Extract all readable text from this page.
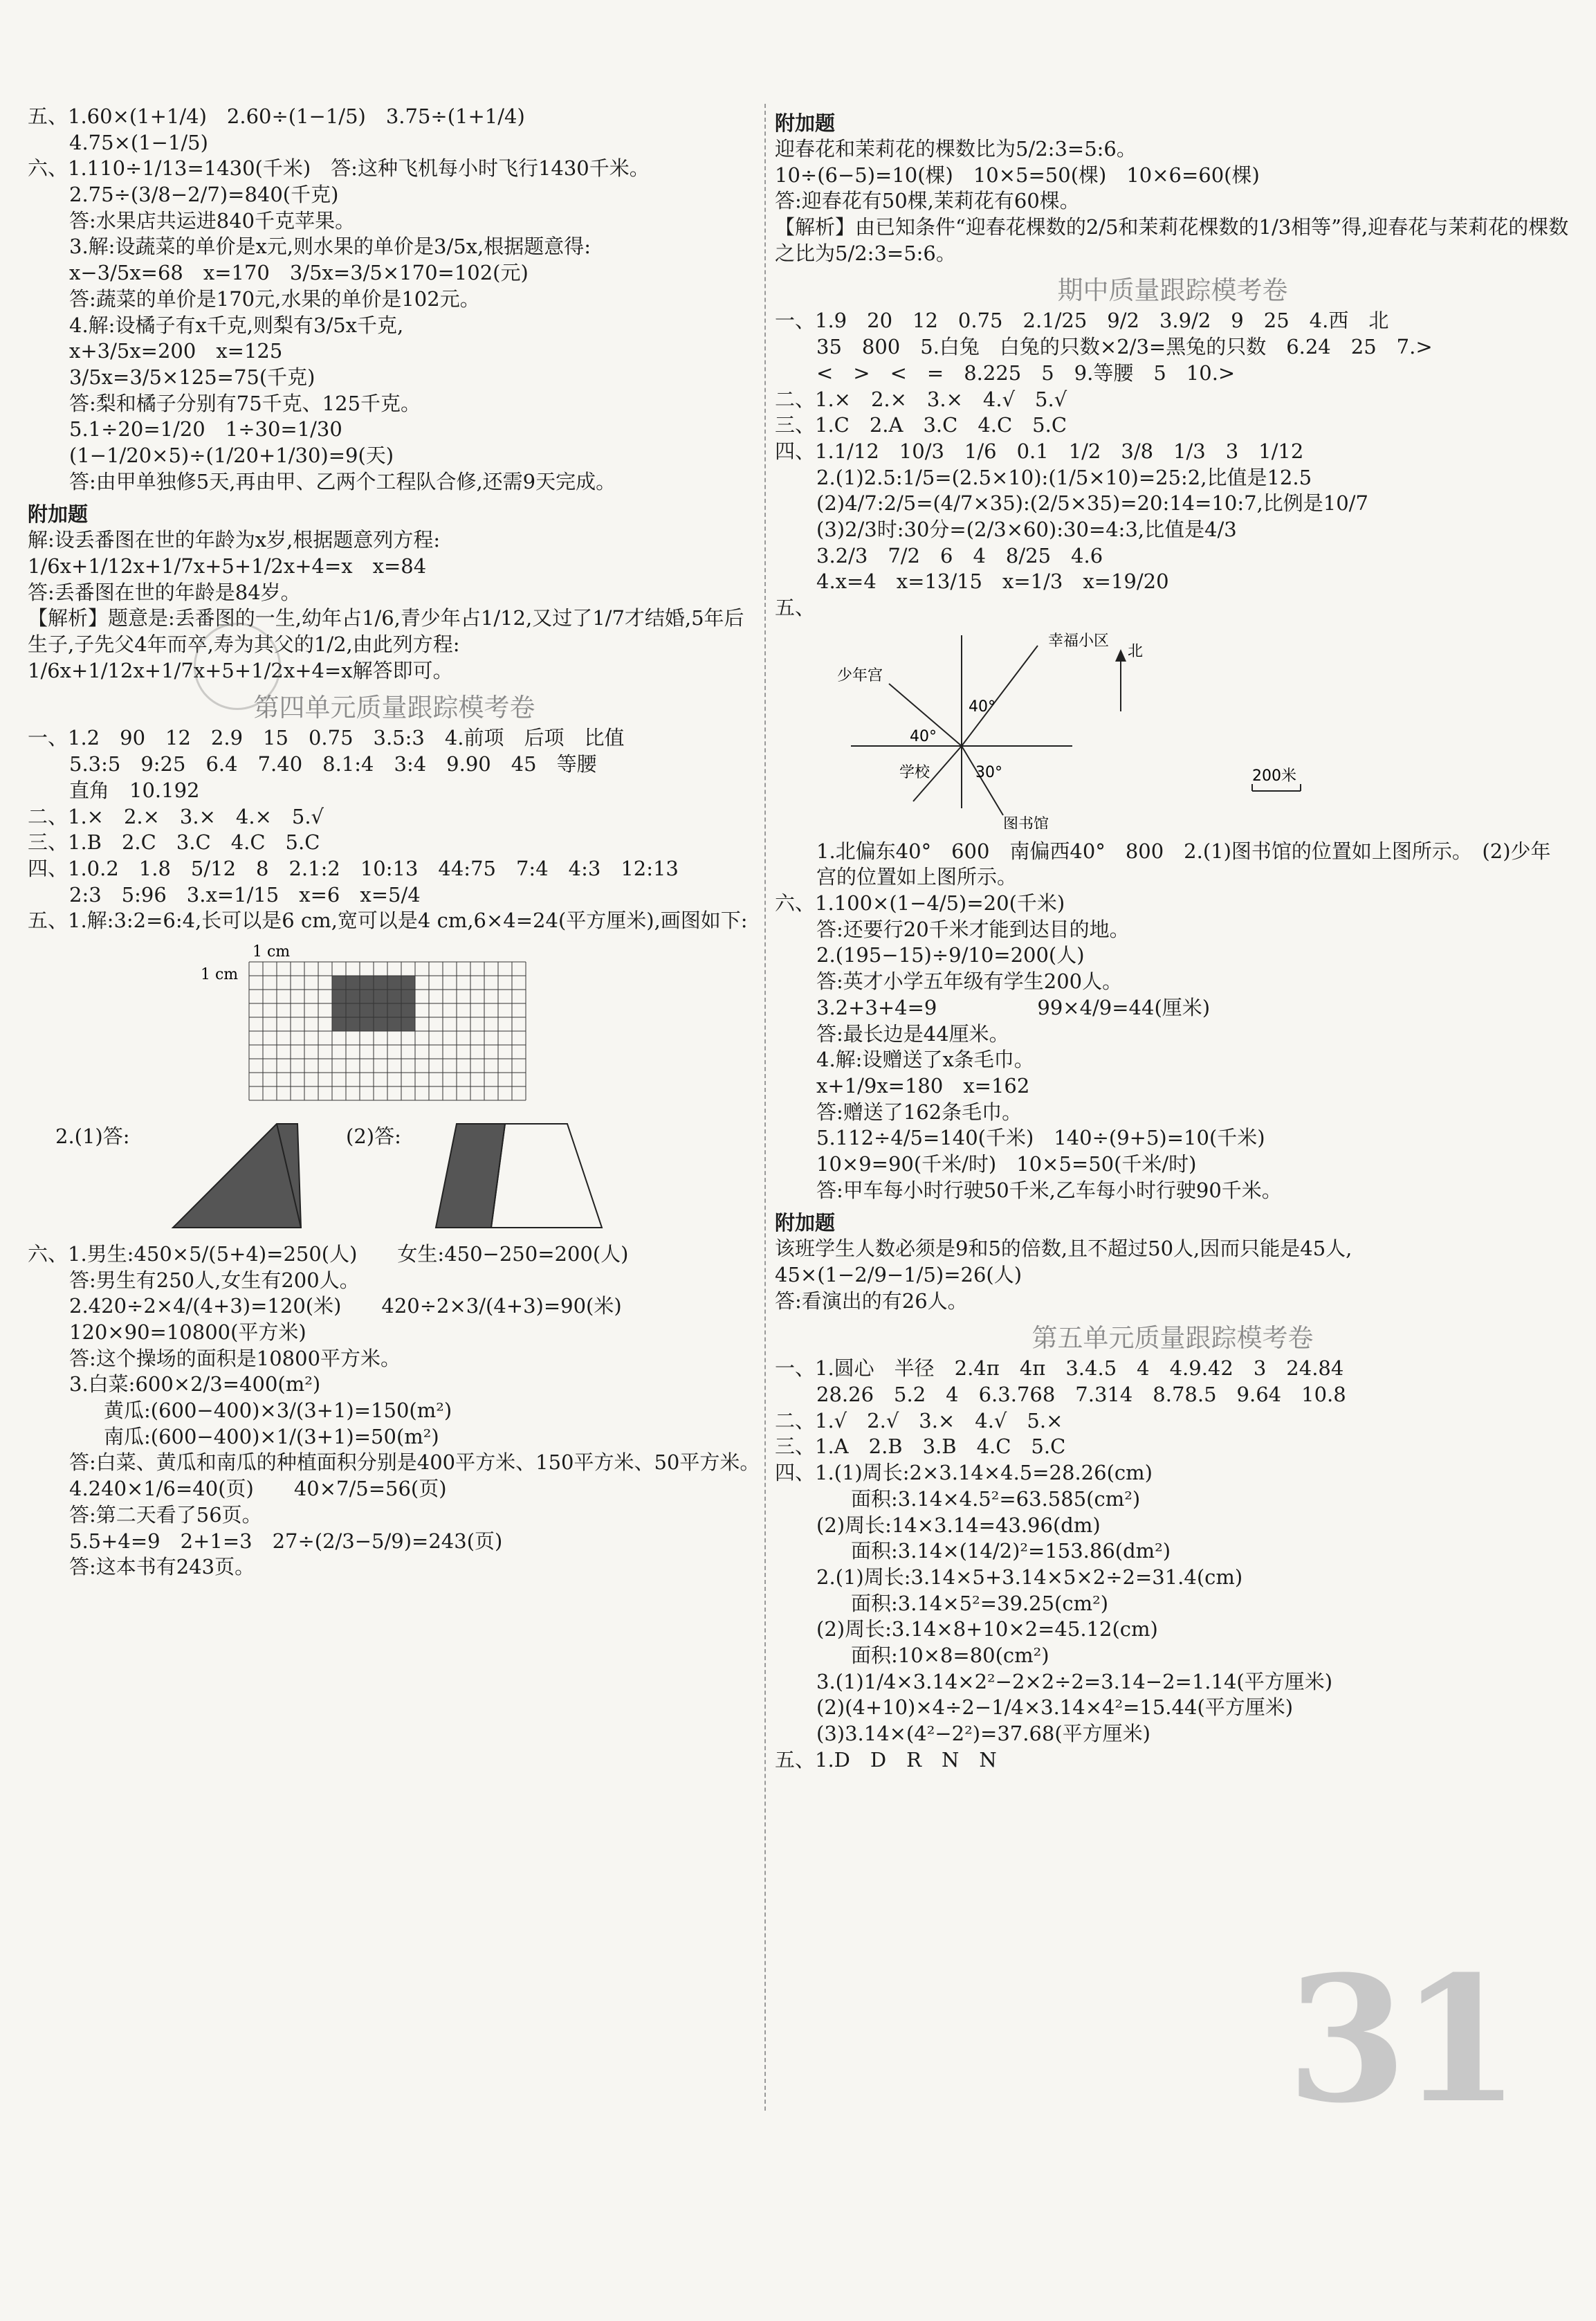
五、1.60×(1+1/4)　2.60÷(1−1/5)　3.75÷(1+1/4)
4.75×(1−1/5)
六、1.110÷1/13=1430(千米)　答:这种飞机每小时飞行1430千米。
2.75÷(3/8−2/7)=840(千克)
答:水果店共运进840千克苹果。
3.解:设蔬菜的单价是x元,则水果的单价是3/5x,根据题意得:
x−3/5x=68　x=170　3/5x=3/5×170=102(元)
答:蔬菜的单价是170元,水果的单价是102元。
4.解:设橘子有x千克,则梨有3/5x千克,
x+3/5x=200　x=125
3/5x=3/5×125=75(千克)
答:梨和橘子分别有75千克、125千克。
5.1÷20=1/20　1÷30=1/30
(1−1/20×5)÷(1/20+1/30)=9(天)
答:由甲单独修5天,再由甲、乙两个工程队合修,还需9天完成。
附加题
解:设丢番图在世的年龄为x岁,根据题意列方程:
1/6x+1/12x+1/7x+5+1/2x+4=x　x=84
答:丢番图在世的年龄是84岁。
【解析】题意是:丢番图的一生,幼年占1/6,青少年占1/12,又过了1/7才结婚,5年后生子,子先父4年而卒,寿为其父的1/2,由此列方程:
1/6x+1/12x+1/7x+5+1/2x+4=x解答即可。
第四单元质量跟踪模考卷
一、1.2　90　12　2.9　15　0.75　3.5:3　4.前项　后项　比值
5.3:5　9:25　6.4　7.40　8.1:4　3:4　9.90　45　等腰
直角　10.192
二、1.×　2.×　3.×　4.×　5.√
三、1.B　2.C　3.C　4.C　5.C
四、1.0.2　1.8　5/12　8　2.1:2　10:13　44:75　7:4　4:3　12:13
2:3　5:96　3.x=1/15　x=6　x=5/4
五、1.解:3:2=6:4,长可以是6 cm,宽可以是4 cm,6×4=24(平方厘米),画图如下:
1 cm
1 cm
2.(1)答:	(2)答:
六、1.男生:450×5/(5+4)=250(人)　　女生:450−250=200(人)
答:男生有250人,女生有200人。
2.420÷2×4/(4+3)=120(米)　　420÷2×3/(4+3)=90(米)
120×90=10800(平方米)
答:这个操场的面积是10800平方米。
3.白菜:600×2/3=400(m²)
黄瓜:(600−400)×3/(3+1)=150(m²)
南瓜:(600−400)×1/(3+1)=50(m²)
答:白菜、黄瓜和南瓜的种植面积分别是400平方米、150平方米、50平方米。
4.240×1/6=40(页)　　40×7/5=56(页)
答:第二天看了56页。
5.5+4=9　2+1=3　27÷(2/3−5/9)=243(页)
答:这本书有243页。
附加题
迎春花和茉莉花的棵数比为5/2:3=5:6。
10÷(6−5)=10(棵)　10×5=50(棵)　10×6=60(棵)
答:迎春花有50棵,茉莉花有60棵。
【解析】由已知条件“迎春花棵数的2/5和茉莉花棵数的1/3相等”得,迎春花与茉莉花的棵数之比为5/2:3=5:6。
期中质量跟踪模考卷
一、1.9　20　12　0.75　2.1/25　9/2　3.9/2　9　25　4.西　北
35　800　5.白兔　白兔的只数×2/3=黑兔的只数　6.24　25　7.>
<　>　<　=　8.225　5　9.等腰　5　10.>
二、1.×　2.×　3.×　4.√　5.√
三、1.C　2.A　3.C　4.C　5.C
四、1.1/12　10/3　1/6　0.1　1/2　3/8　1/3　3　1/12
2.(1)2.5:1/5=(2.5×10):(1/5×10)=25:2,比值是12.5
(2)4/7:2/5=(4/7×35):(2/5×35)=20:14=10:7,比例是10/7
(3)2/3时:30分=(2/3×60):30=4:3,比值是4/3
3.2/3　7/2　6　4　8/25　4.6
4.x=4　x=13/15　x=1/3　x=19/20
五、
北
幸福小区
少年宫
学校
图书馆
40°
40°
30°	200米
1.北偏东40°　600　南偏西40°　800　2.(1)图书馆的位置如上图所示。　(2)少年宫的位置如上图所示。
六、1.100×(1−4/5)=20(千米)
答:还要行20千米才能到达目的地。
2.(195−15)÷9/10=200(人)
答:英才小学五年级有学生200人。
3.2+3+4=9　　　　　99×4/9=44(厘米)
答:最长边是44厘米。
4.解:设赠送了x条毛巾。
x+1/9x=180　x=162
答:赠送了162条毛巾。
5.112÷4/5=140(千米)　140÷(9+5)=10(千米)
10×9=90(千米/时)　10×5=50(千米/时)
答:甲车每小时行驶50千米,乙车每小时行驶90千米。
附加题
该班学生人数必须是9和5的倍数,且不超过50人,因而只能是45人,
45×(1−2/9−1/5)=26(人)
答:看演出的有26人。
第五单元质量跟踪模考卷
一、1.圆心　半径　2.4π　4π　3.4.5　4　4.9.42　3　24.84
28.26　5.2　4　6.3.768　7.314　8.78.5　9.64　10.8
二、1.√　2.√　3.×　4.√　5.×
三、1.A　2.B　3.B　4.C　5.C
四、1.(1)周长:2×3.14×4.5=28.26(cm)
面积:3.14×4.5²=63.585(cm²)
(2)周长:14×3.14=43.96(dm)
面积:3.14×(14/2)²=153.86(dm²)
2.(1)周长:3.14×5+3.14×5×2÷2=31.4(cm)
面积:3.14×5²=39.25(cm²)
(2)周长:3.14×8+10×2=45.12(cm)
面积:10×8=80(cm²)
3.(1)1/4×3.14×2²−2×2÷2=3.14−2=1.14(平方厘米)
(2)(4+10)×4÷2−1/4×3.14×4²=15.44(平方厘米)
(3)3.14×(4²−2²)=37.68(平方厘米)
五、1.D　D　R　N　N
31
